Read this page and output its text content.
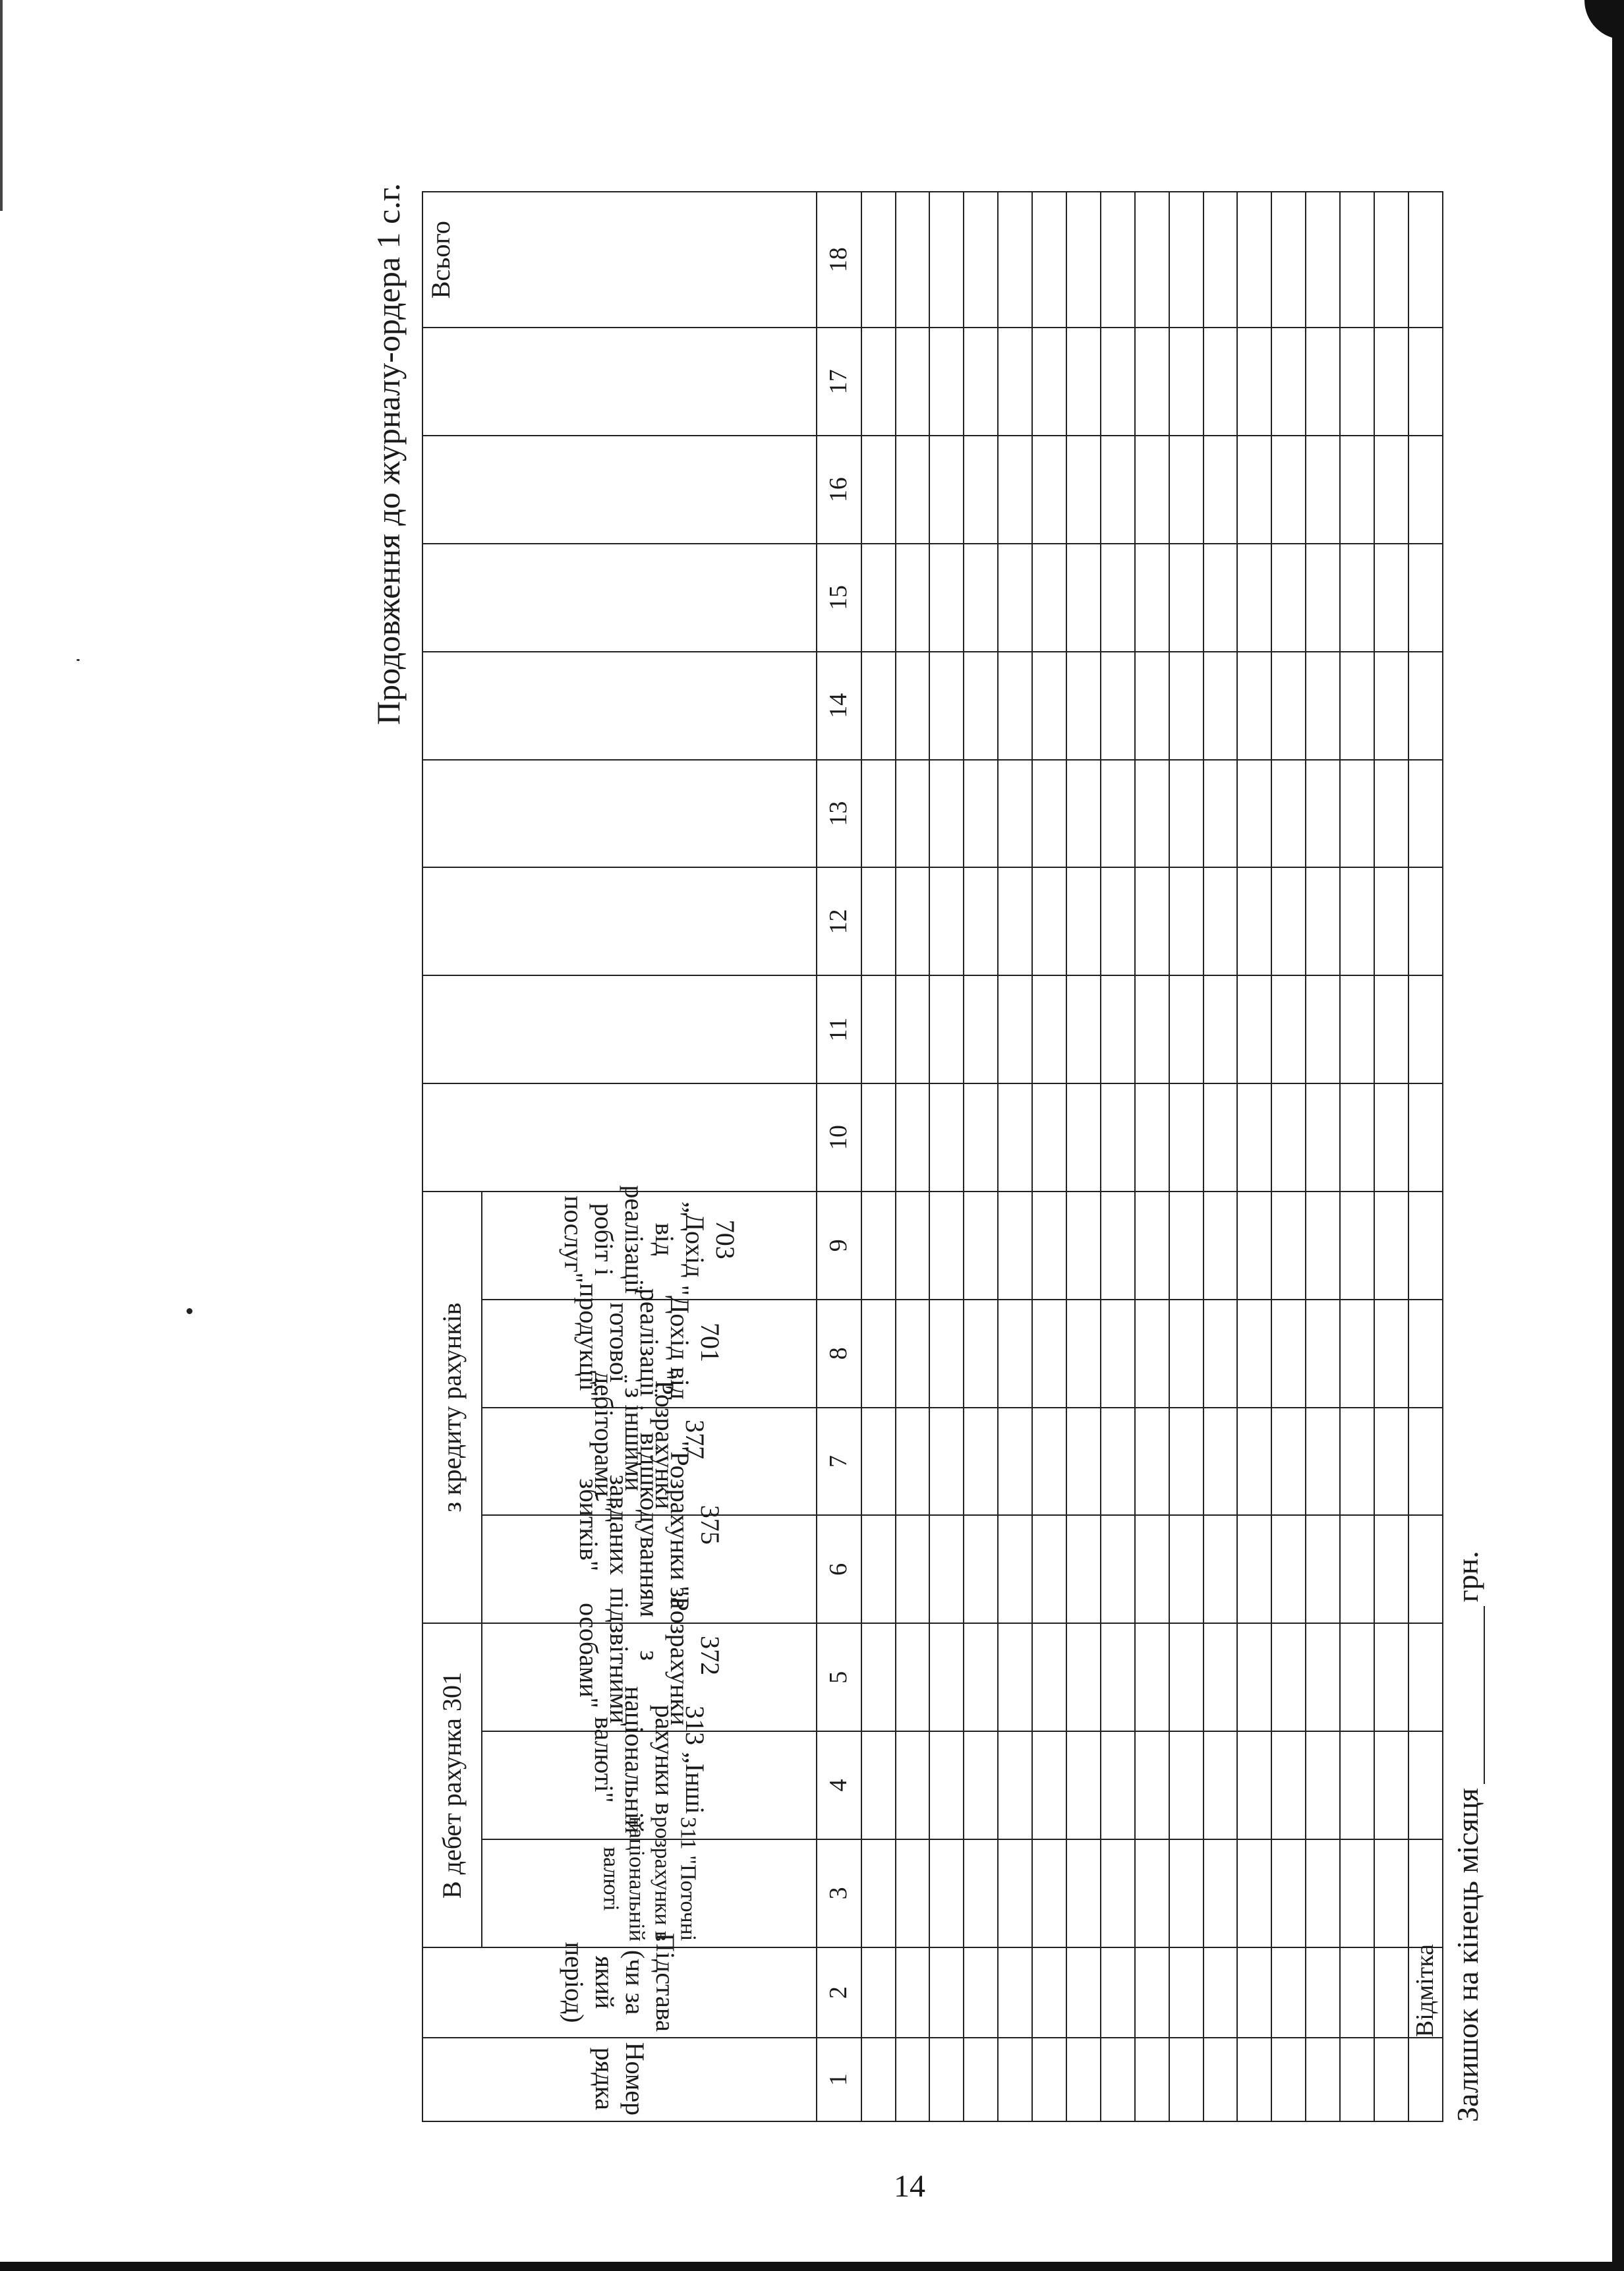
Продовження до журналу-ордера 1 с.г.
Номер рядка	Підстава (чи за який період)	В дебет рахунка 301			з кредиту рахунків												Всього
		311 "Поточні розрахунки в національній валюті	313 „Інші рахунки в національній валюті"	372 "Розрахунки з підзвітними особами"	375 "Розрахунки за відшкодуванням завданих збитків"	377 "Розрахунки з іншими дебіторами"	701 "Дохід від реалізації готової продукції"	703 „Дохід від реалізації робіт і послуг"									
1	2	3	4	5	6	7	8	9	10	11	12	13	14	15	16	17	18

	Відмітка																Залишок на кінець місяцягрн.
14
